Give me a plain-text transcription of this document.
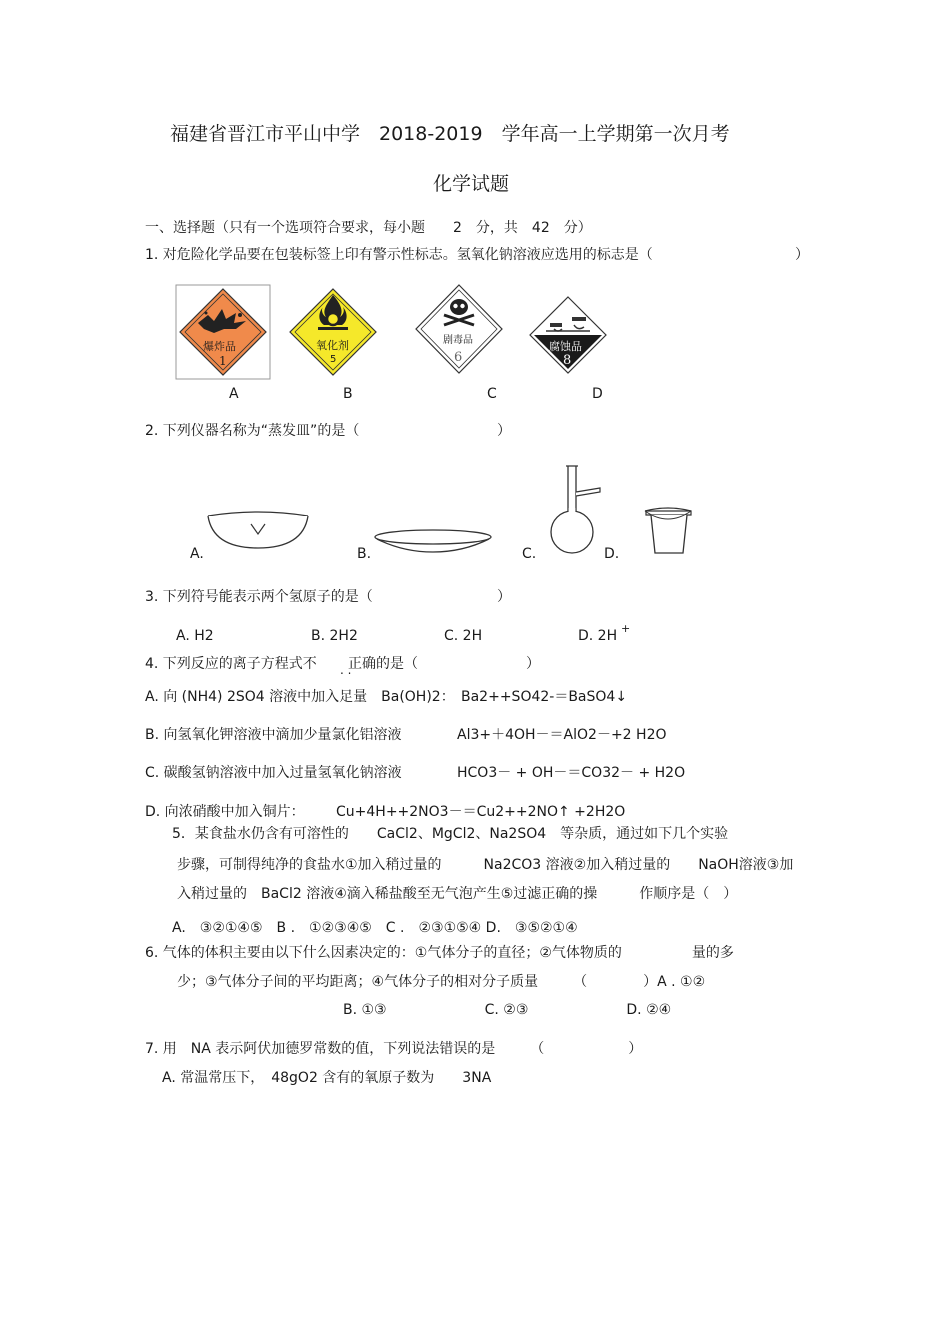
福建省晋江市平山中学　2018-2019　学年高一上学期第一次月考
化学试题
一、选择题（只有一个选项符合要求，每小题　　2　分，共　42　分）
1. 对危险化学品要在包装标签上印有警示性标志。氢氧化钠溶液应选用的标志是（	）
爆炸品
1
氧化剂
5
剧毒品
6
腐蚀品
8
A	B	C	D
2. 下列仪器名称为“蒸发皿”的是（	）
A.	B.	C.	D.
3. 下列符号能表示两个氢原子的是（	）
A. H2	B. 2H2	C. 2H	D. 2H +
4. 下列反应的离子方程式不 . .
正确的是（	）
A. 向 (NH4) 2SO4 溶液中加入足量　Ba(OH)2： Ba2++SO42-＝BaSO4↓
B. 向氢氧化钾溶液中滴加少量氯化铝溶液	Al3+＋4OH－＝AlO2－+2 H2O
C. 碳酸氢钠溶液中加入过量氢氧化钠溶液	HCO3－ + OH－＝CO32－ + H2O
D. 向浓硝酸中加入铜片： Cu+4H++2NO3－＝Cu2++2NO↑ +2H2O
5．某食盐水仍含有可溶性的　　CaCl2、MgCl2、Na2SO4　等杂质，通过如下几个实验
步骤，可制得纯净的食盐水①加入稍过量的　　　Na2CO3 溶液②加入稍过量的　　NaOH溶液③加
入稍过量的　BaCl2 溶液④滴入稀盐酸至无气泡产生⑤过滤正确的操　　　作顺序是（　）
A.　③②①④⑤　B .　①②③④⑤　C .　②③①⑤④ D.　③⑤②①④
6. 气体的体积主要由以下什么因素决定的：①气体分子的直径；②气体物质的　　　　　量的多
少；③气体分子间的平均距离；④气体分子的相对分子质量　　　（　　　　）A . ①②
B. ①③　　　　　　　C. ②③　　　　　　　D. ②④
7. 用　NA 表示阿伏加德罗常数的值，下列说法错误的是　　　（　　　　　　）
A. 常温常压下，　48gO2 含有的氧原子数为　　3NA
